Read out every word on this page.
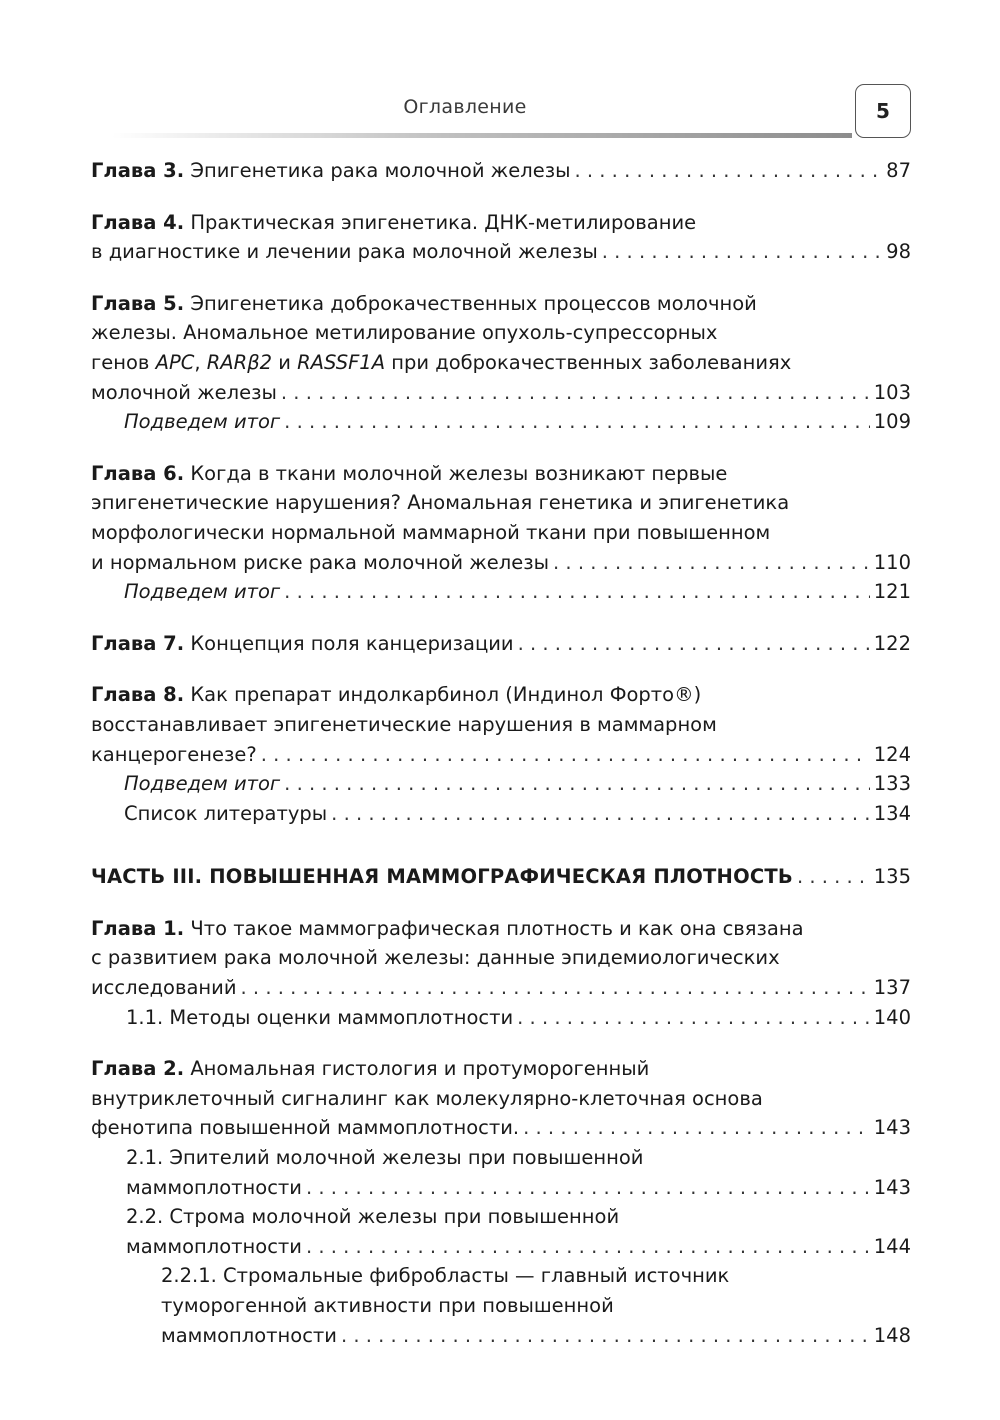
Оглавление	5
Глава 3. Эпигенетика рака молочной железы . . .	87
Глава 4. Практическая эпигенетика. ДНК-метилирование
в диагностике и лечении рака молочной железы . . .	98
Глава 5. Эпигенетика доброкачественных процессов молочной
железы. Аномальное метилирование опухоль-супрессорных
генов APC, RARβ2 и RASSF1A при доброкачественных заболеваниях
молочной железы . . .	103
Подведем итог . . .	109
Глава 6. Когда в ткани молочной железы возникают первые
эпигенетические нарушения? Аномальная генетика и эпигенетика
морфологически нормальной маммарной ткани при повышенном
и нормальном риске рака молочной железы . . .	110
Подведем итог . . .	121
Глава 7. Концепция поля канцеризации . . .	122
Глава 8. Как препарат индолкарбинол (Индинол Форто®)
восстанавливает эпигенетические нарушения в маммарном
канцерогенезе? . . .	124
Подведем итог . . .	133
Список литературы . . .	134
ЧАСТЬ III. ПОВЫШЕННАЯ МАММОГРАФИЧЕСКАЯ ПЛОТНОСТЬ . . .	135
Глава 1. Что такое маммографическая плотность и как она связана
с развитием рака молочной железы: данные эпидемиологических
исследований . . .	137
1.1. Методы оценки маммоплотности . . .	140
Глава 2. Аномальная гистология и протуморогенный
внутриклеточный сигналинг как молекулярно-клеточная основа
фенотипа повышенной маммоплотности. . . .	143
2.1. Эпителий молочной железы при повышенной
маммоплотности . . .	143
2.2. Строма молочной железы при повышенной
маммоплотности . . .	144
2.2.1. Стромальные фибробласты — главный источник
туморогенной активности при повышенной
маммоплотности . . .	148
